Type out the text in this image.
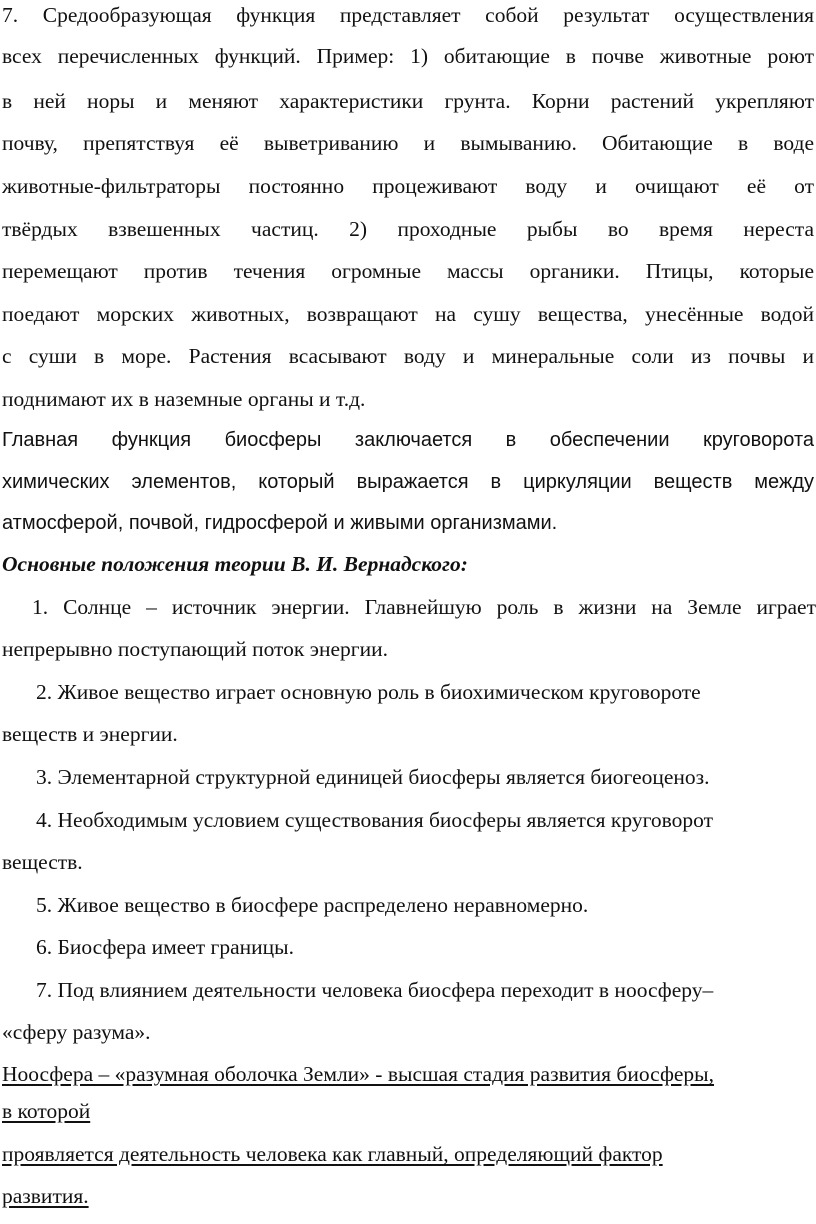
7. Средообразующая функция представляет собой результат осуществления
всех перечисленных функций. Пример: 1) обитающие в почве животные роют
в ней норы и меняют характеристики грунта. Корни растений укрепляют
почву, препятствуя её выветриванию и вымыванию. Обитающие в воде
животные-фильтраторы постоянно процеживают воду и очищают её от
твёрдых взвешенных частиц. 2) проходные рыбы во время нереста
перемещают против течения огромные массы органики. Птицы, которые
поедают морских животных, возвращают на сушу вещества, унесённые водой
с суши в море. Растения всасывают воду и минеральные соли из почвы и
поднимают их в наземные органы и т.д.
Главная функция биосферы заключается в обеспечении круговорота
химических элементов, который выражается в циркуляции веществ между
атмосферой, почвой, гидросферой и живыми организмами.
Основные положения теории В. И. Вернадского:
1. Солнце – источник энергии. Главнейшую роль в жизни на Земле играет
непрерывно поступающий поток энергии.
2. Живое вещество играет основную роль в биохимическом круговороте
веществ и энергии.
3. Элементарной структурной единицей биосферы является биогеоценоз.
4. Необходимым условием существования биосферы является круговорот
веществ.
5. Живое вещество в биосфере распределено неравномерно.
6. Биосфера имеет границы.
7. Под влиянием деятельности человека биосфера переходит в ноосферу–
«сферу разума».
Ноосфера – «разумная оболочка Земли» - высшая стадия развития биосферы,
в которой
проявляется деятельность человека как главный, определяющий фактор
развития.
